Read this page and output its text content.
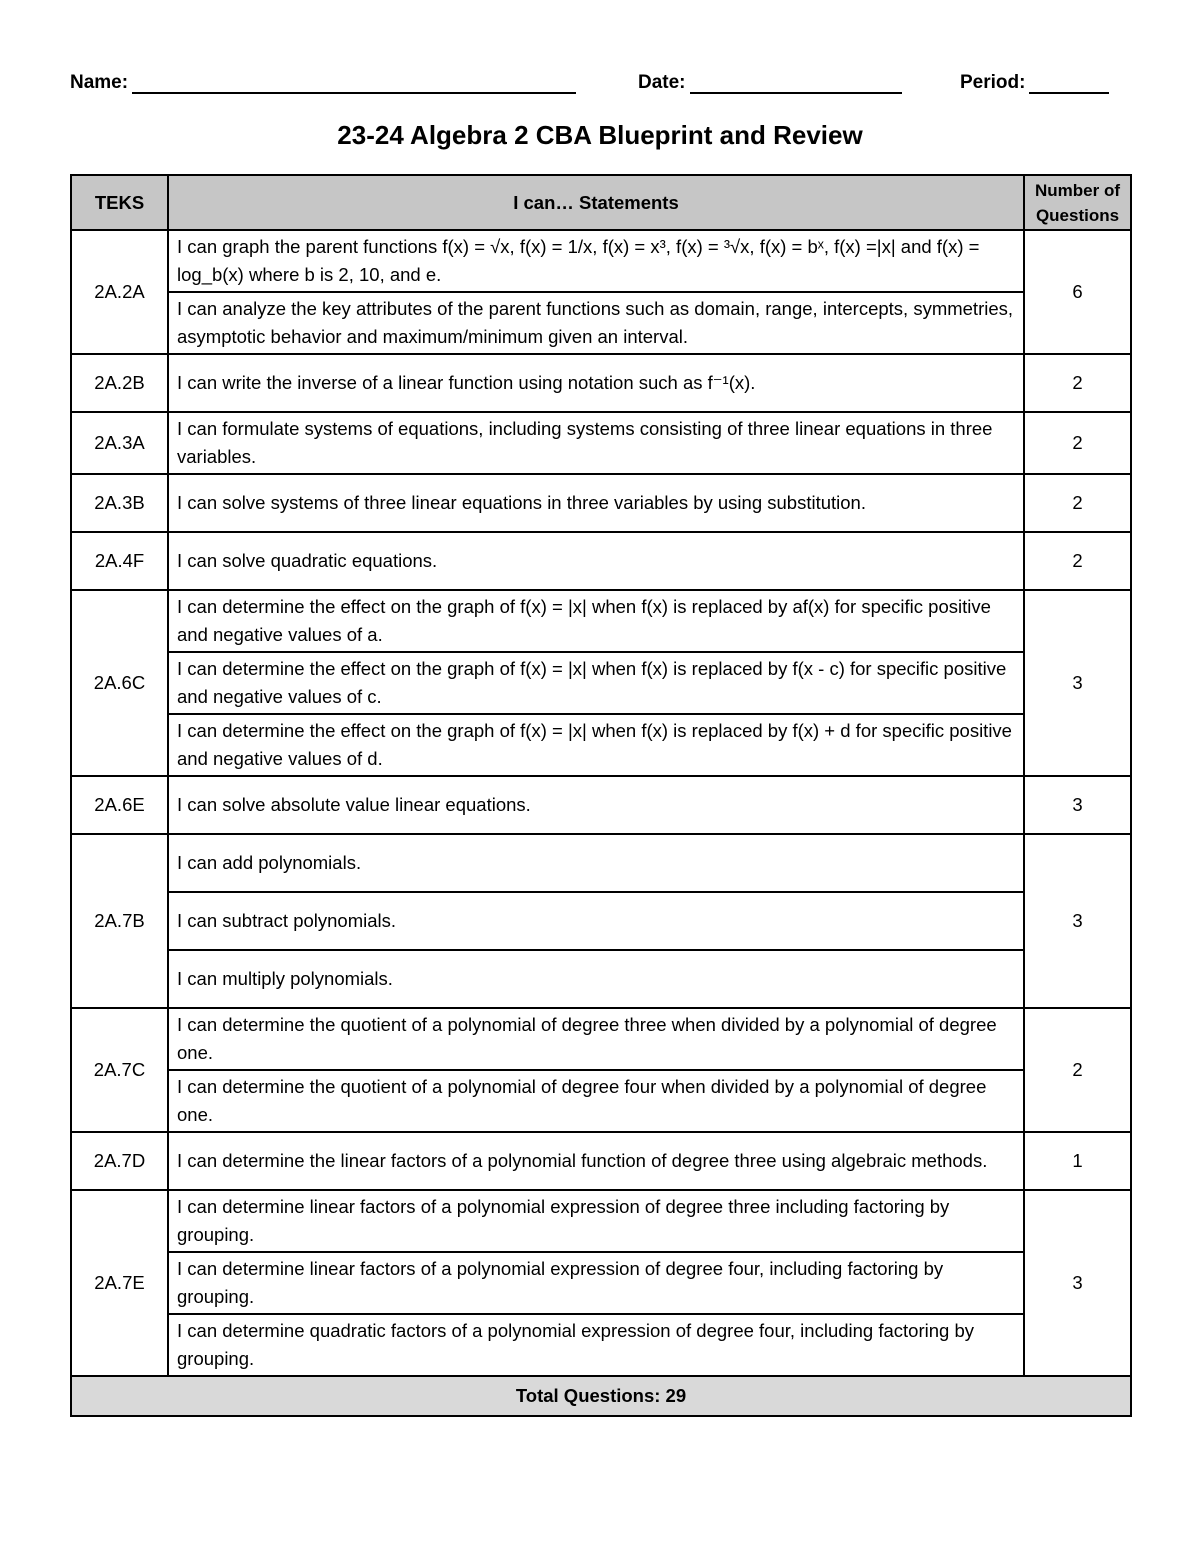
Name:	Date:	Period:
23-24 Algebra 2 CBA Blueprint and Review
TEKS	I can… Statements	Number of Questions
2A.2A	I can graph the parent functions f(x) = √x, f(x) = 1/x, f(x) = x³, f(x) = ³√x, f(x) = bˣ, f(x) =|x| and f(x) = log_b(x) where b is 2, 10, and e.	6
	I can analyze the key attributes of the parent functions such as domain, range, intercepts, symmetries, asymptotic behavior and maximum/minimum given an interval.	
2A.2B	I can write the inverse of a linear function using notation such as f⁻¹(x).	2
2A.3A	I can formulate systems of equations, including systems consisting of three linear equations in three variables.	2
2A.3B	I can solve systems of three linear equations in three variables by using substitution.	2
2A.4F	I can solve quadratic equations.	2
2A.6C	I can determine the effect on the graph of f(x) = |x| when f(x) is replaced by af(x) for specific positive and negative values of a.	3
	I can determine the effect on the graph of f(x) = |x| when f(x) is replaced by f(x - c) for specific positive and negative values of c.	
	I can determine the effect on the graph of f(x) = |x| when f(x) is replaced by f(x) + d for specific positive and negative values of d.	
2A.6E	I can solve absolute value linear equations.	3
2A.7B	I can add polynomials.	3
	I can subtract polynomials.	
	I can multiply polynomials.	
2A.7C	I can determine the quotient of a polynomial of degree three when divided by a polynomial of degree one.	2
	I can determine the quotient of a polynomial of degree four when divided by a polynomial of degree one.	
2A.7D	I can determine the linear factors of a polynomial function of degree three using algebraic methods.	1
2A.7E	I can determine linear factors of a polynomial expression of degree three including factoring by grouping.	3
	I can determine linear factors of a polynomial expression of degree four, including factoring by grouping.	
	I can determine quadratic factors of a polynomial expression of degree four, including factoring by grouping.	
Total Questions: 29		
